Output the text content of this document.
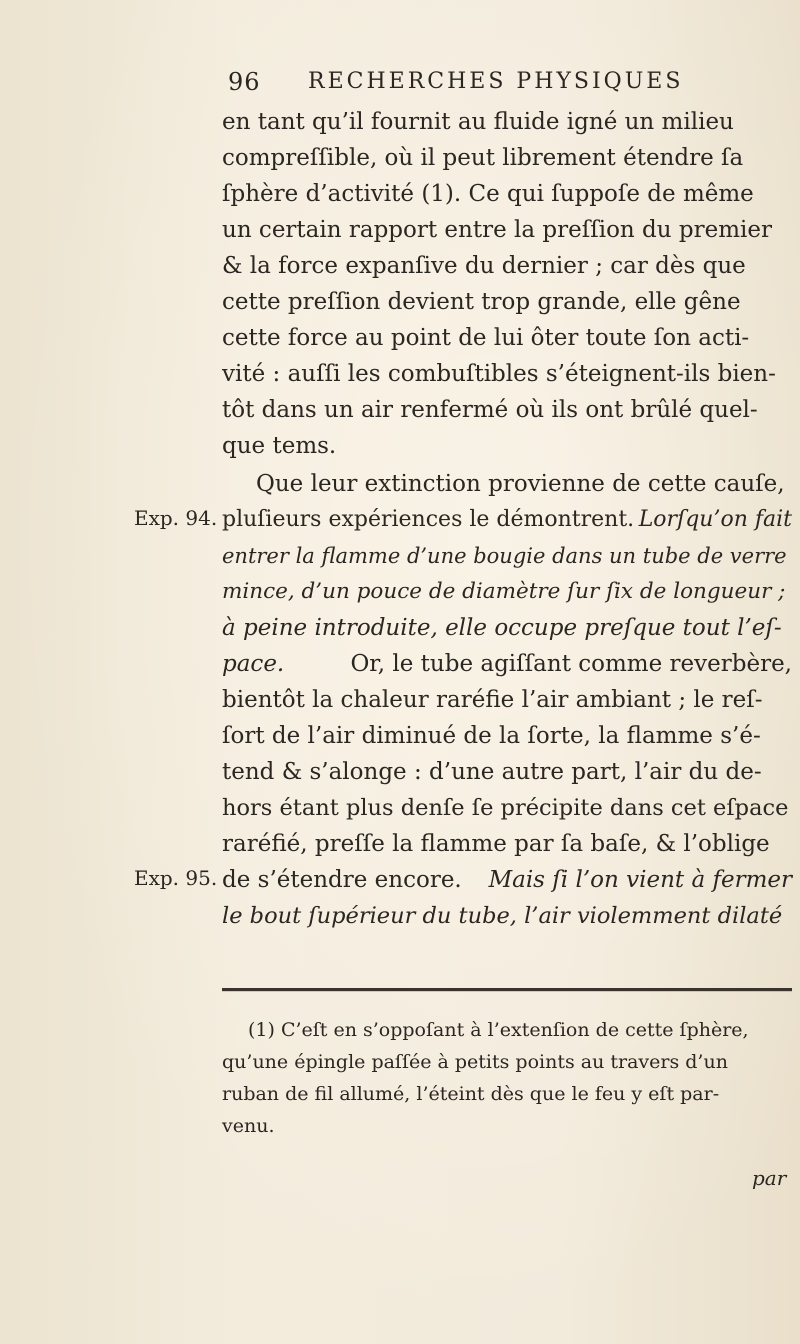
96 RECHERCHES PHYSIQUES
en tant qu’il fournit au fluide igné un milieu
compreſſible, où il peut librement étendre ſa
ſphère d’activité (1). Ce qui ſuppoſe de même
un certain rapport entre la preſſion du premier
& la force expanſive du dernier ; car dès que
cette preſſion devient trop grande, elle gêne
cette force au point de lui ôter toute ſon acti-
vité : auſſi les combuſtibles s’éteignent-ils bien-
tôt dans un air renfermé où ils ont brûlé quel-
que tems.
Que leur extinction provienne de cette cauſe,
pluſieurs expériences le démontrent. Lorſqu’on fait
entrer la flamme d’une bougie dans un tube de verre
mince, d’un pouce de diamètre ſur ſix de longueur ;
à peine introduite, elle occupe preſque tout l’eſ-
pace.	Or, le tube agiſſant comme reverbère,
bientôt la chaleur raréfie l’air ambiant ; le reſ-
ſort de l’air diminué de la ſorte, la flamme s’é-
tend & s’alonge : d’une autre part, l’air du de-
hors étant plus denſe ſe précipite dans cet eſpace
raréfié, preſſe la flamme par ſa baſe, & l’oblige
de s’étendre encore. Mais ſi l’on vient à fermer
le bout ſupérieur du tube, l’air violemment dilaté
Exp. 94.
Exp. 95.
(1) C’eſt en s’oppoſant à l’extenſion de cette ſphère,
qu’une épingle paſſée à petits points au travers d’un
ruban de fil allumé, l’éteint dès que le feu y eſt par-
venu.
par
